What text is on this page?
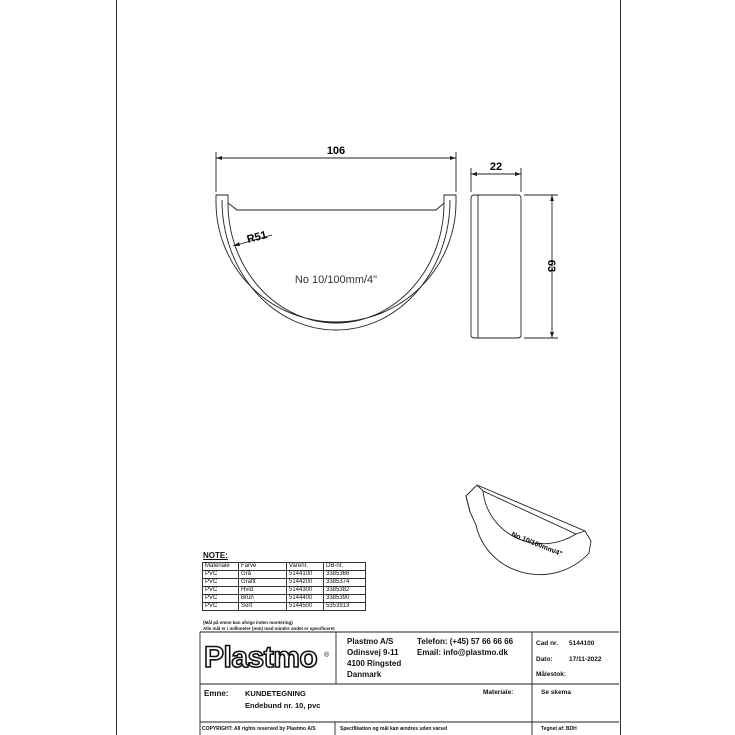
106
22
63
R51
No 10/100mm/4"
No 10/100mm/4"
NOTE:
Materiale	Farve	Varenr.	DB-nr.
PVC	Grå	5144100	3385366
PVC	Grafit	5144200	3385374
PVC	Hvid	5144300	3385382
PVC	Brun	5144400	3385390
PVC	Sort	5144500	5353913
(Mål på emne kan afvige inden montering)
Alle mål er i millimeter (mm) med mindre andet er specificeret
Plastmo ®
Plastmo A/S
Odinsvej 9-11
4100 Ringsted
Danmark
Telefon: (+45) 57 66 66 66
Email: info@plastmo.dk
Cad nr. 5144100
Dato:	17/11-2022
Målestok:
Emne: KUNDETEGNING
Endebund nr. 10, pvc
Materiale:	Se skema
COPYRIGHT: All rights reserved by Plastmo A/S	Specifikation og mål kan ændres uden varsel	Tegnet af: BDH
